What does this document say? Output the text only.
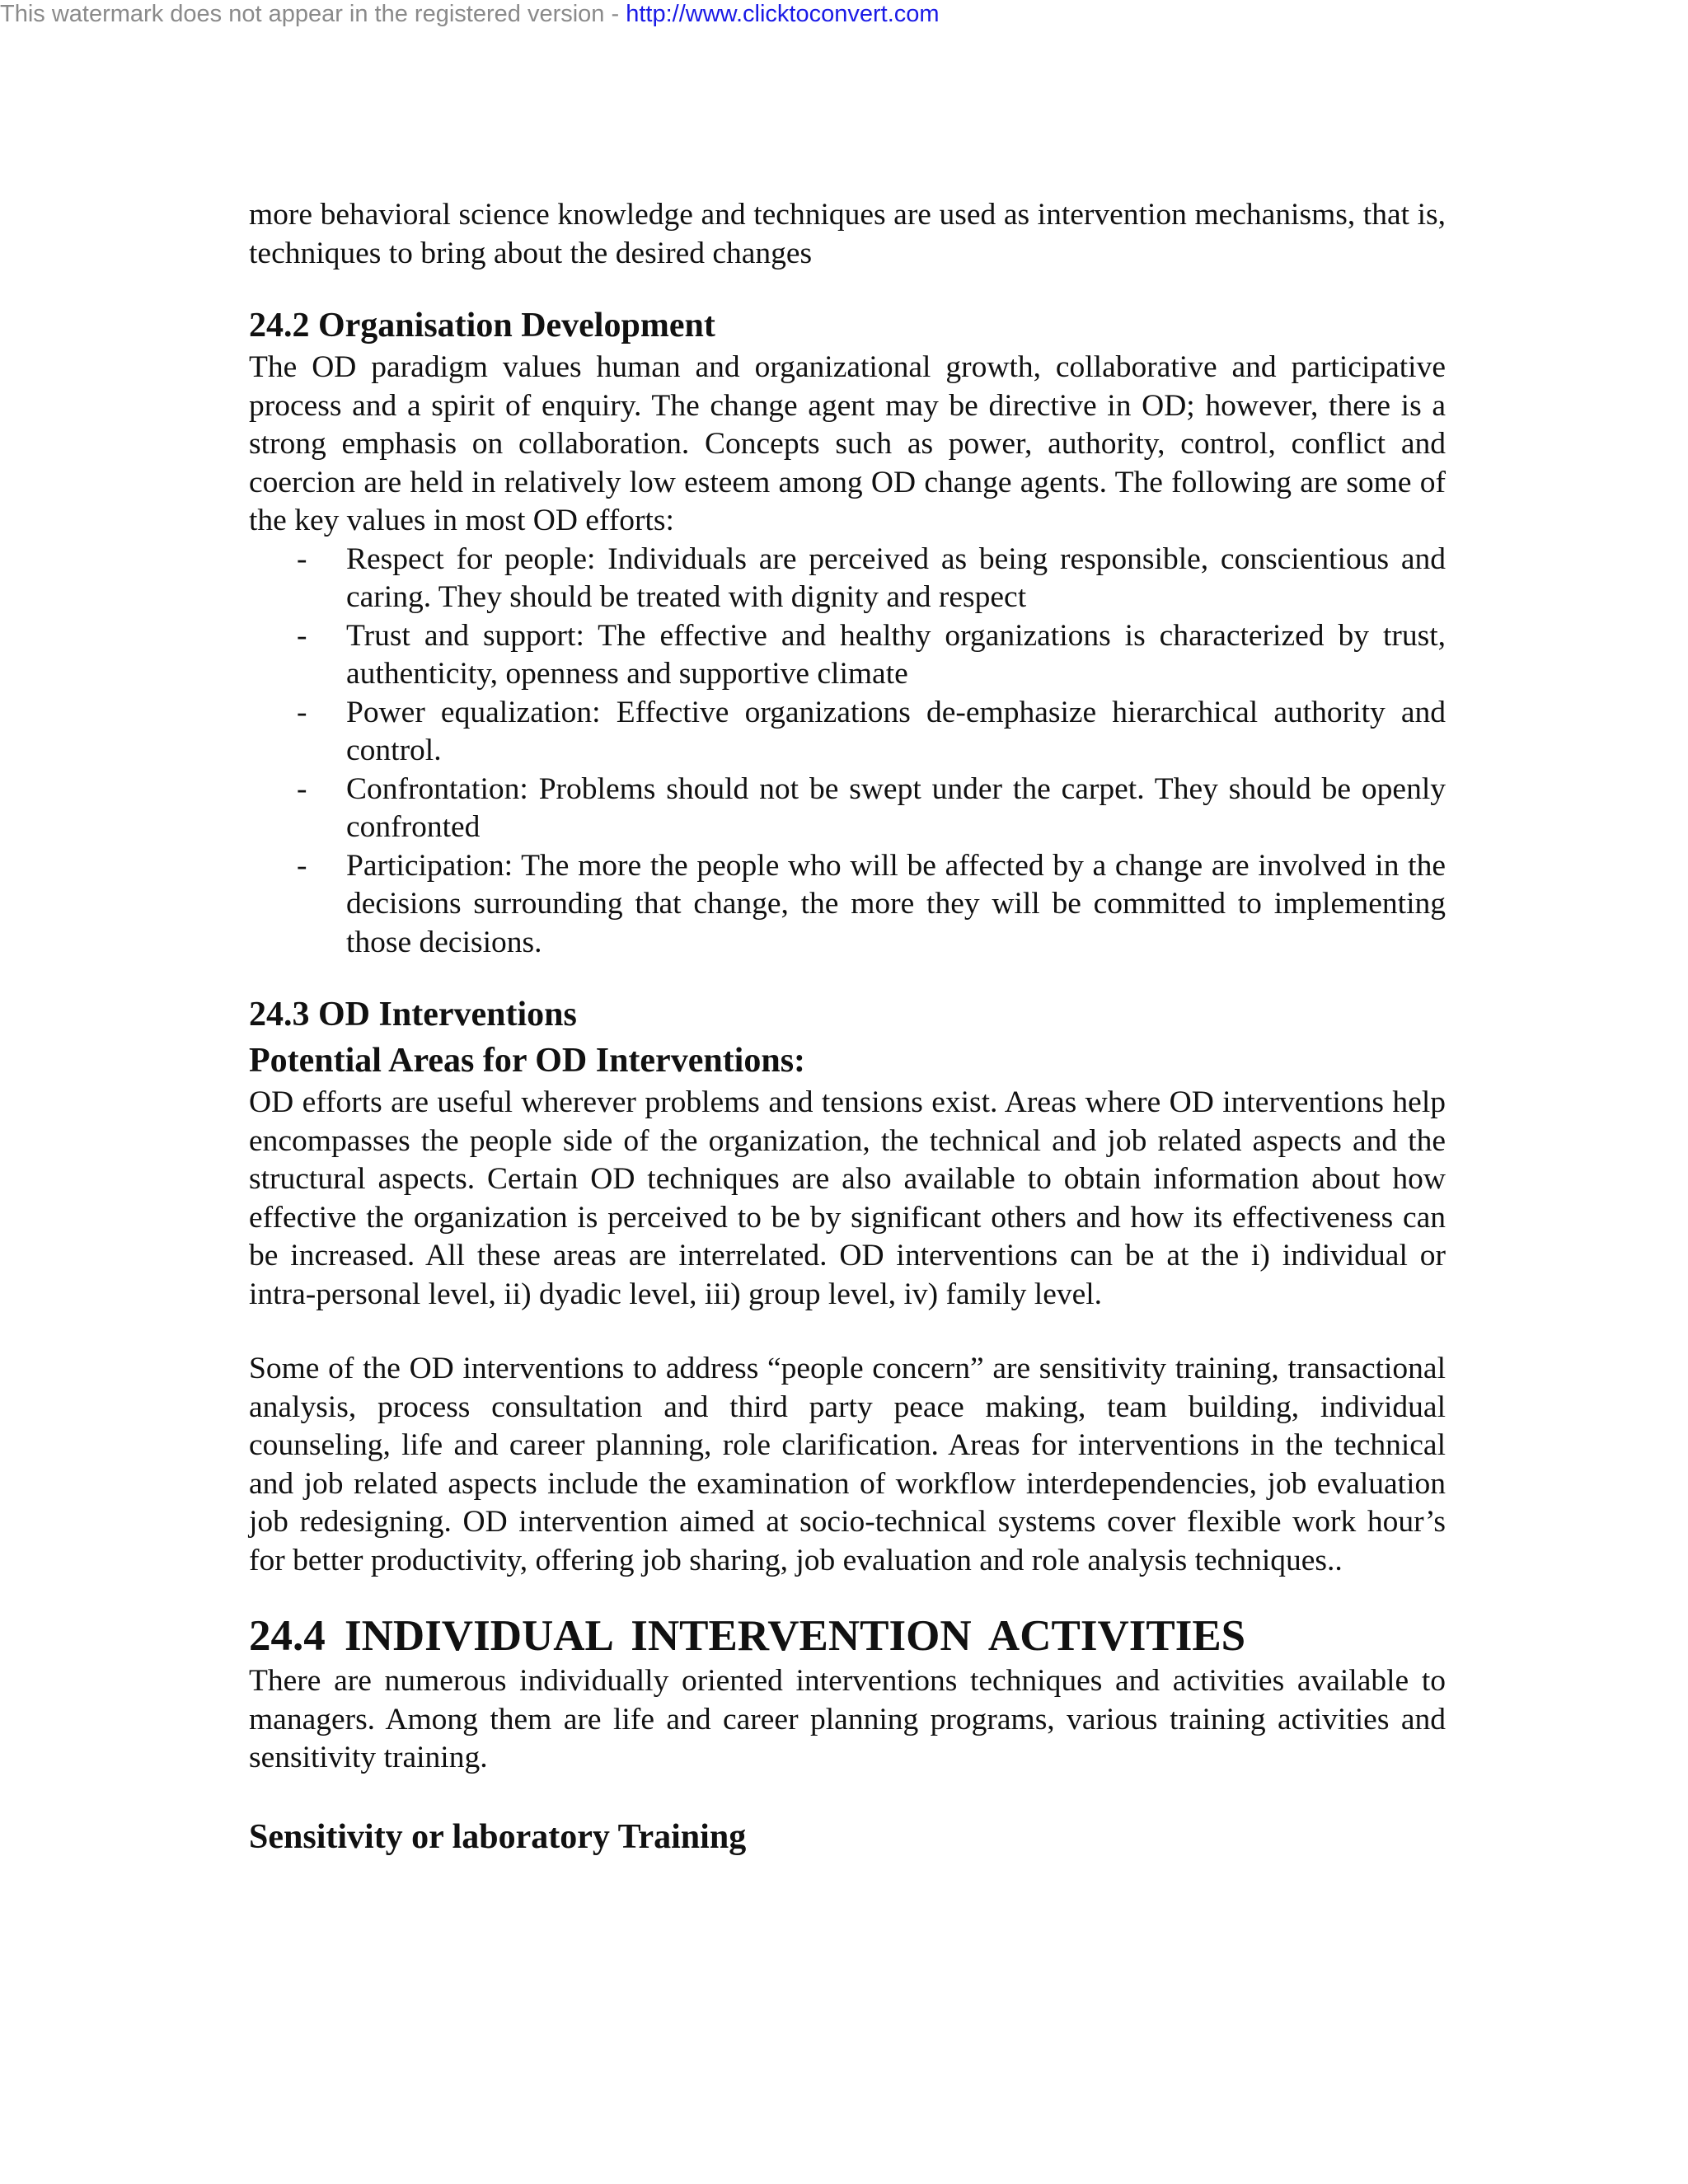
This watermark does not appear in the registered version - http://www.clicktoconvert.com

more behavioral science knowledge and techniques are used as intervention mechanisms, that is, techniques to bring about the desired changes

24.2 Organisation Development

The OD paradigm values human and organizational growth, collaborative and participative process and a spirit of enquiry. The change agent may be directive in OD; however, there is a strong emphasis on collaboration. Concepts such as power, authority, control, conflict and coercion are held in relatively low esteem among OD change agents. The following are some of the key values in most OD efforts:

- Respect for people: Individuals are perceived as being responsible, conscientious and caring. They should be treated with dignity and respect
- Trust and support: The effective and healthy organizations is characterized by trust, authenticity, openness and supportive climate
- Power equalization: Effective organizations de-emphasize hierarchical authority and control.
- Confrontation: Problems should not be swept under the carpet. They should be openly confronted
- Participation: The more the people who will be affected by a change are involved in the decisions surrounding that change, the more they will be committed to implementing those decisions.
24.3 OD Interventions
Potential Areas for OD Interventions:

OD efforts are useful wherever problems and tensions exist. Areas where OD interventions help encompasses the people side of the organization, the technical and job related aspects and the structural aspects. Certain OD techniques are also available to obtain information about how effective the organization is perceived to be by significant others and how its effectiveness can be increased. All these areas are interrelated. OD interventions can be at the i) individual or intra-personal level, ii) dyadic level, iii) group level, iv) family level.

Some of the OD interventions to address “people concern” are sensitivity training, transactional analysis, process consultation and third party peace making, team building, individual counseling, life and career planning, role clarification. Areas for interventions in the technical and job related aspects include the examination of workflow interdependencies, job evaluation job redesigning. OD intervention aimed at socio-technical systems cover flexible work hour’s for better productivity, offering job sharing, job evaluation and role analysis techniques..

24.4 INDIVIDUAL INTERVENTION ACTIVITIES

There are numerous individually oriented interventions techniques and activities available to managers. Among them are life and career planning programs, various training activities and sensitivity training.

Sensitivity or laboratory Training
